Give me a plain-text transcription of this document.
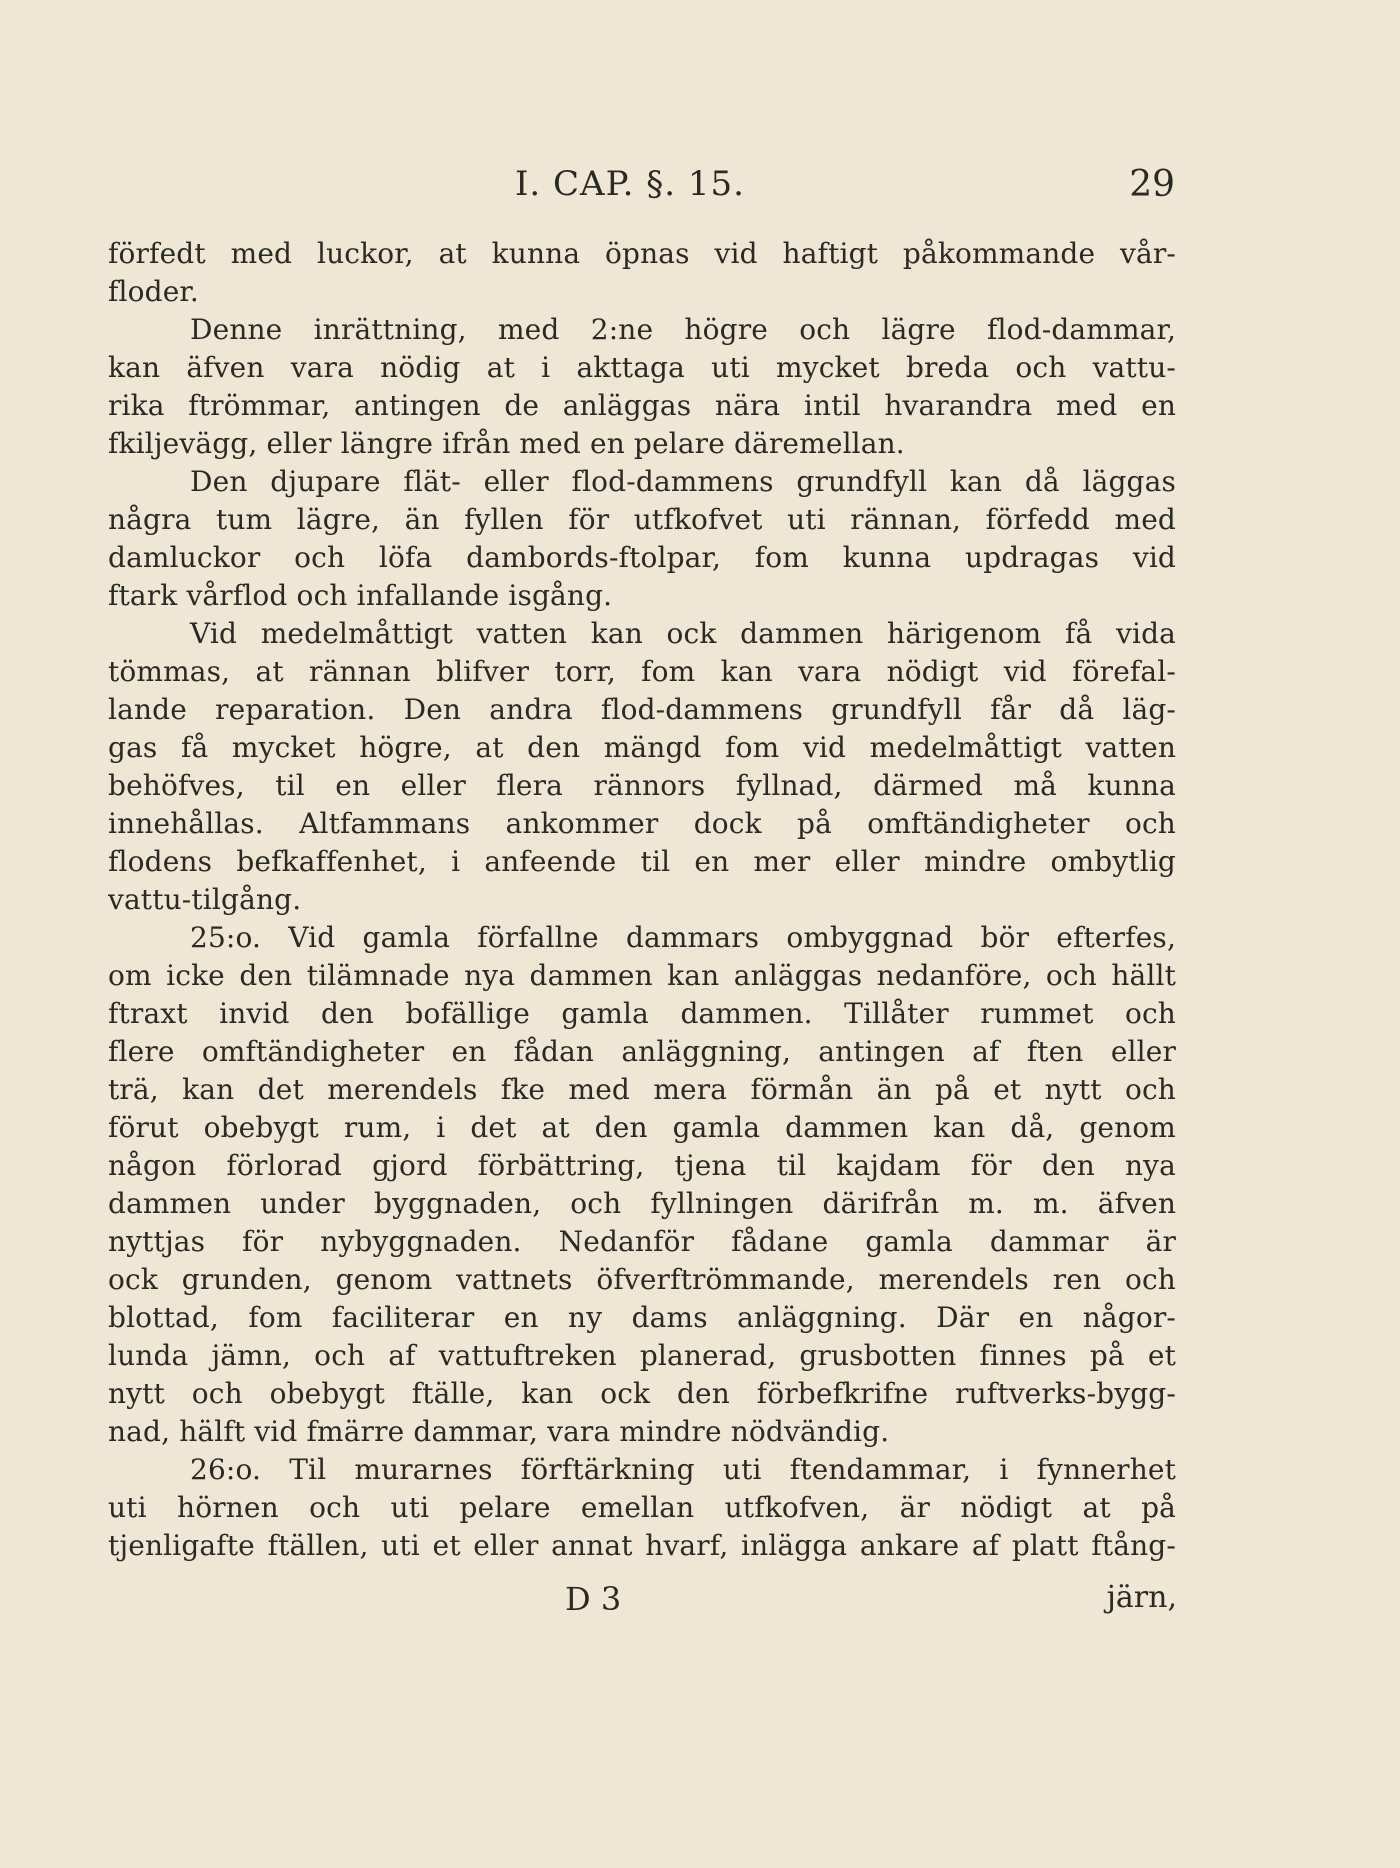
I. CAP. §. 15.	29
förfedt med luckor, at kunna öpnas vid haftigt påkommande vår-
floder.
Denne inrättning, med 2:ne högre och lägre flod-dammar,
kan äfven vara nödig at i akttaga uti mycket breda och vattu-
rika ftrömmar, antingen de anläggas nära intil hvarandra med en
fkiljevägg, eller längre ifrån med en pelare däremellan.
Den djupare flät- eller flod-dammens grundfyll kan då läggas
några tum lägre, än fyllen för utfkofvet uti rännan, förfedd med
damluckor och löfa dambords-ftolpar, fom kunna updragas vid
ftark vårflod och infallande isgång.
Vid medelmåttigt vatten kan ock dammen härigenom få vida
tömmas, at rännan blifver torr, fom kan vara nödigt vid förefal-
lande reparation. Den andra flod-dammens grundfyll får då läg-
gas få mycket högre, at den mängd fom vid medelmåttigt vatten
behöfves, til en eller flera rännors fyllnad, därmed må kunna
innehållas. Altfammans ankommer dock på omftändigheter och
flodens befkaffenhet, i anfeende til en mer eller mindre ombytlig
vattu-tilgång.
25:o. Vid gamla förfallne dammars ombyggnad bör efterfes,
om icke den tilämnade nya dammen kan anläggas nedanföre, och hällt
ftraxt invid den bofällige gamla dammen. Tillåter rummet och
flere omftändigheter en fådan anläggning, antingen af ften eller
trä, kan det merendels fke med mera förmån än på et nytt och
förut obebygt rum, i det at den gamla dammen kan då, genom
någon förlorad gjord förbättring, tjena til kajdam för den nya
dammen under byggnaden, och fyllningen därifrån m. m. äfven
nyttjas för nybyggnaden. Nedanför fådane gamla dammar är
ock grunden, genom vattnets öfverftrömmande, merendels ren och
blottad, fom faciliterar en ny dams anläggning. Där en någor-
lunda jämn, och af vattuftreken planerad, grusbotten finnes på et
nytt och obebygt ftälle, kan ock den förbefkrifne ruftverks-bygg-
nad, hälft vid fmärre dammar, vara mindre nödvändig.
26:o. Til murarnes förftärkning uti ftendammar, i fynnerhet
uti hörnen och uti pelare emellan utfkofven, är nödigt at på
tjenligafte ftällen, uti et eller annat hvarf, inlägga ankare af platt ftång-
D 3	järn,
